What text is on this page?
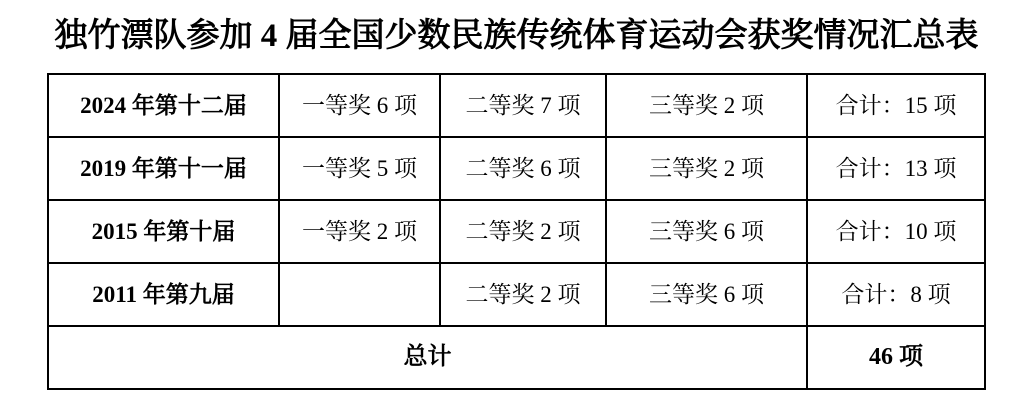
独竹漂队参加 4 届全国少数民族传统体育运动会获奖情况汇总表
2024 年第十二届	一等奖 6 项	二等奖 7 项	三等奖 2 项	合计：15 项
2019 年第十一届	一等奖 5 项	二等奖 6 项	三等奖 2 项	合计：13 项
2015 年第十届	一等奖 2 项	二等奖 2 项	三等奖 6 项	合计：10 项
2011 年第九届		二等奖 2 项	三等奖 6 项	合计：8 项
总计				46 项
